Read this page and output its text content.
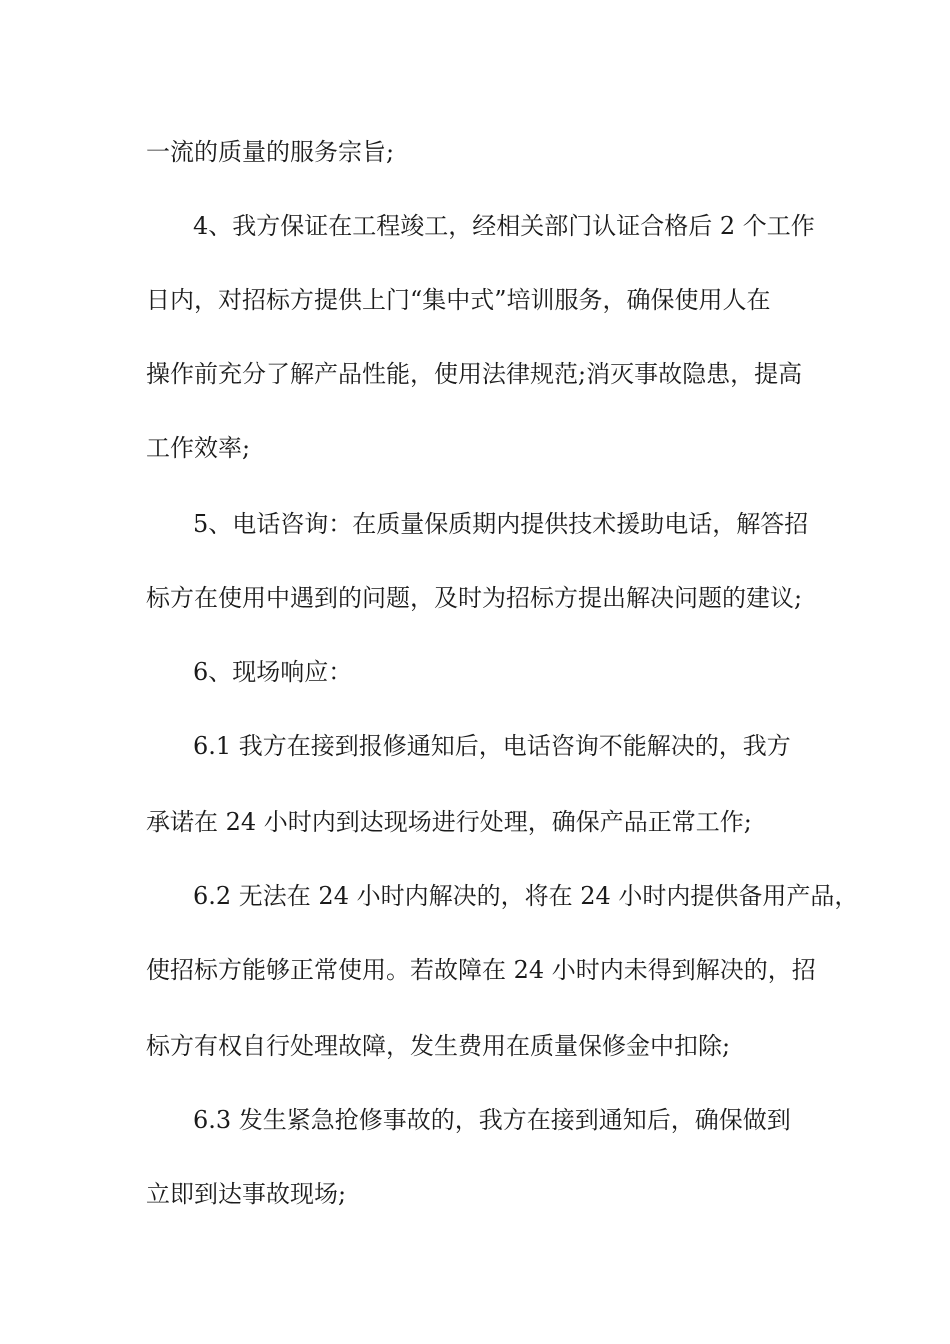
一流的质量的服务宗旨;
4、我方保证在工程竣工，经相关部门认证合格后 2 个工作
日内，对招标方提供上门“集中式”培训服务，确保使用人在
操作前充分了解产品性能，使用法律规范;消灭事故隐患，提高
工作效率;
5、电话咨询：在质量保质期内提供技术援助电话，解答招
标方在使用中遇到的问题，及时为招标方提出解决问题的建议;
6、现场响应：
6.1 我方在接到报修通知后，电话咨询不能解决的，我方
承诺在 24 小时内到达现场进行处理，确保产品正常工作;
6.2 无法在 24 小时内解决的，将在 24 小时内提供备用产品，
使招标方能够正常使用。若故障在 24 小时内未得到解决的，招
标方有权自行处理故障，发生费用在质量保修金中扣除;
6.3 发生紧急抢修事故的，我方在接到通知后，确保做到
立即到达事故现场;
